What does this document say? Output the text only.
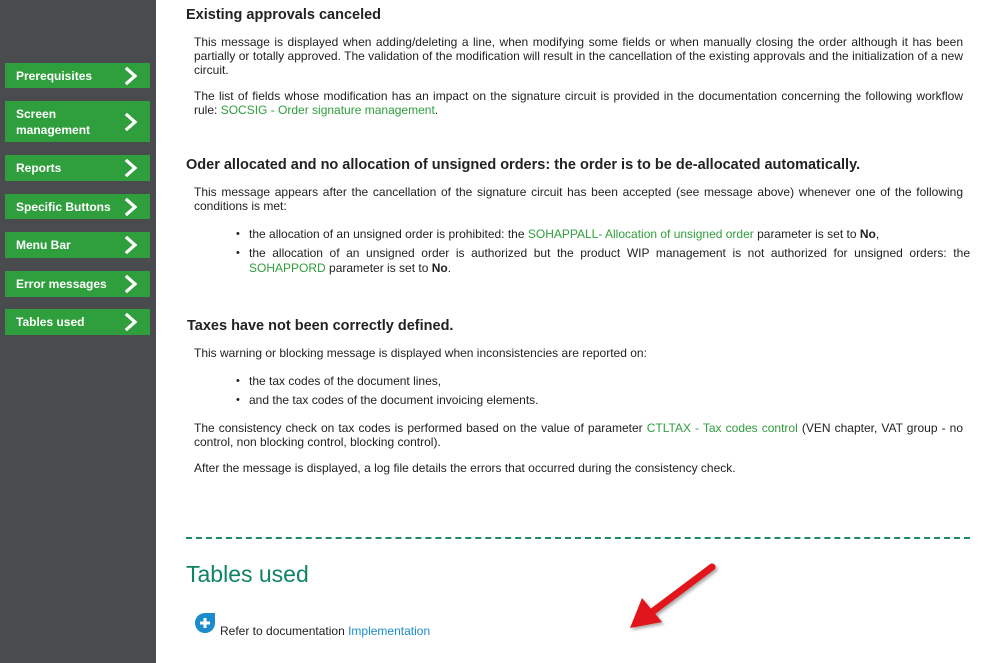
Prerequisites
Screen management
Reports
Specific Buttons
Menu Bar
Error messages
Tables used
Existing approvals canceled

This message is displayed when adding/deleting a line, when modifying some fields or when manually closing the order although it has been partially or totally approved. The validation of the modification will result in the cancellation of the existing approvals and the initialization of a new circuit.

The list of fields whose modification has an impact on the signature circuit is provided in the documentation concerning the following workflow rule: SOCSIG - Order signature management.

Oder allocated and no allocation of unsigned orders: the order is to be de-allocated automatically.

This message appears after the cancellation of the signature circuit has been accepted (see message above) whenever one of the following conditions is met:

• the allocation of an unsigned order is prohibited: the SOHAPPALL- Allocation of unsigned order parameter is set to No,
• the allocation of an unsigned order is authorized but the product WIP management is not authorized for unsigned orders: the SOHAPPORD parameter is set to No.
Taxes have not been correctly defined.

This warning or blocking message is displayed when inconsistencies are reported on:

• the tax codes of the document lines,
• and the tax codes of the document invoicing elements.

The consistency check on tax codes is performed based on the value of parameter CTLTAX - Tax codes control (VEN chapter, VAT group - no control, non blocking control, blocking control).

After the message is displayed, a log file details the errors that occurred during the consistency check.

Tables used
Refer to documentation Implementation
